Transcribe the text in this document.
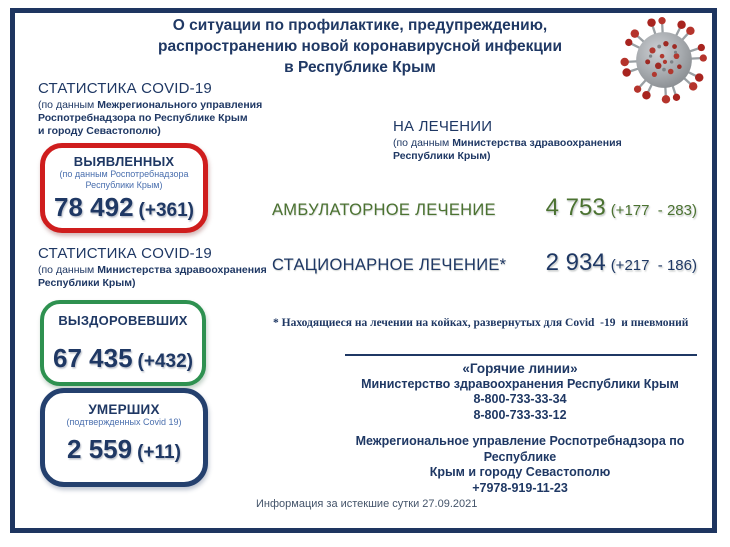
О ситуации по профилактике, предупреждению,
распространению новой коронавирусной инфекции
в Республике Крым
СТАТИСТИКА COVID-19
(по данным Межрегионального управления
Роспотребнадзора по Республике Крым
и городу Севастополю)
ВЫЯВЛЕННЫХ
(по данным Роспотребнадзора
Республики Крым)
78 492 (+361)
СТАТИСТИКА COVID-19
(по данным Министерства здравоохранения
Республики Крым)
ВЫЗДОРОВЕВШИХ
67 435 (+432)
УМЕРШИХ
(подтвержденных Covid 19)
2 559 (+11)
НА ЛЕЧЕНИИ
(по данным Министерства здравоохранения
Республики Крым)
АМБУЛАТОРНОЕ ЛЕЧЕНИЕ 4 753 (+177  - 283)
СТАЦИОНАРНОЕ ЛЕЧЕНИЕ* 2 934 (+217  - 186)
* Находящиеся на лечении на койках, развернутых для Covid  -19  и пневмоний
«Горячие линии»
Министерство здравоохранения Республики Крым
8-800-733-33-34
8-800-733-33-12
Межрегиональное управление Роспотребнадзора по Республике
Крым и городу Севастополю
+7978-919-11-23
Информация за истекшие сутки 27.09.2021
